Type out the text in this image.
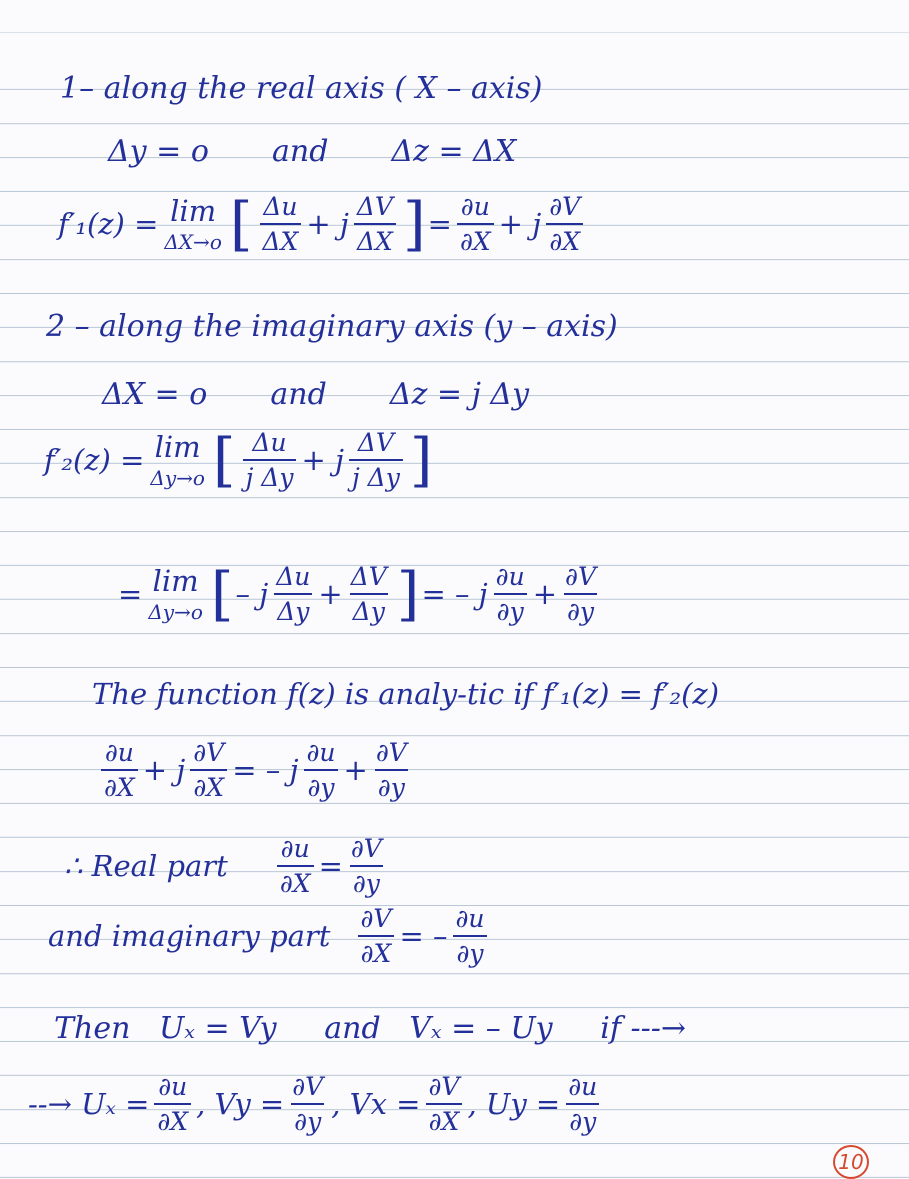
1– along the real axis ( X – axis)
Δy = o and Δz = ΔX
f′₁(z) = lim
ΔX→o [ $\frac{\Delta u}{\Delta X} + j \frac{\Delta V}{\Delta X}$ ] = $\frac{\partial u}{\partial X} + j \frac{\partial V}{\partial X}$
2 – along the imaginary axis (y – axis)
ΔX = o and Δz = j Δy
f′₂(z) = lim
Δy→o [ $\frac{\Delta u}{\text{j Δy}} + j \frac{\Delta V}{\text{j Δy}}$ ]
= lim
Δy→o [ – j $\frac{\Delta u}{\Delta y} + \frac{\Delta V}{\Delta y}$ ] = – j $\frac{\partial u}{\partial y} + \frac{\partial V}{\partial y}$
The function f(z) is analy-tic if f′₁(z) = f′₂(z)
$\frac{\partial u}{\partial X} + j \frac{\partial V}{\partial X}$ = – j $\frac{\partial u}{\partial y} + \frac{\partial V}{\partial y}$
∴ Real part $\frac{\partial u}{\partial X} = \frac{\partial V}{\partial y}$
and imaginary part $\frac{\partial V}{\partial X}$ = – $\frac{\partial u}{\partial y}$
Then   Uₓ = Vy     and   Vₓ = – Uy     if ---→
--→ $U_x = \frac{\partial u}{\partial X}$ , $Vy = \frac{\partial V}{\partial y}$ , $Vx = \frac{\partial V}{\partial X}$ , $Uy = \frac{\partial u}{\partial y}$
10
